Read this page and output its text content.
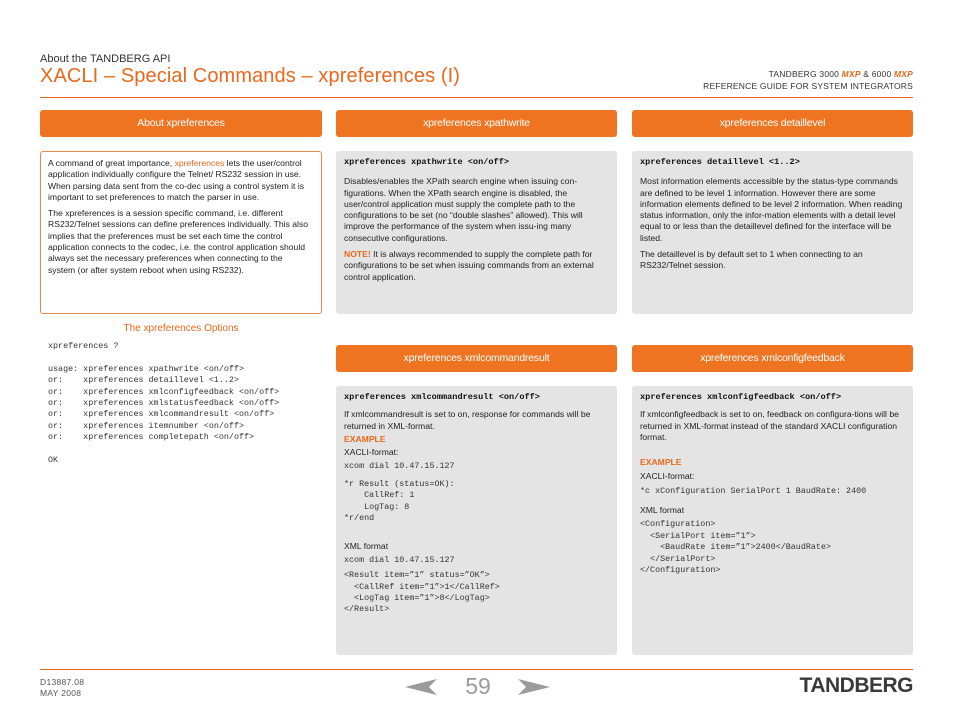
About the TANDBERG API
XACLI – Special Commands – xpreferences (I)	TANDBERG 3000 MXP & 6000 MXP
REFERENCE GUIDE FOR SYSTEM INTEGRATORS
About xpreferences	xpreferences xpathwrite	xpreferences detaillevel
xpreferences xmlcommandresult	xpreferences xmlconfigfeedback

A command of great importance, xpreferences lets the user/control application individually configure the Telnet/ RS232 session in use. When parsing data sent from the co-dec using a control system it is important to set preferences to match the parser in use.

The xpreferences is a session specific command, i.e. different RS232/Telnet sessions can define preferences individually. This also implies that the preferences must be set each time the control application connects to the codec, i.e. the control application should always set the necessary preferences when connecting to the system (or after system reboot when using RS232).

The xpreferences Options
xpreferences ?

usage: xpreferences xpathwrite <on/off>
or:    xpreferences detaillevel <1..2>
or:    xpreferences xmlconfigfeedback <on/off>
or:    xpreferences xmlstatusfeedback <on/off>
or:    xpreferences xmlcommandresult <on/off>
or:    xpreferences itemnumber <on/off>
or:    xpreferences completepath <on/off>

OK
xpreferences xpathwrite <on/off>

Disables/enables the XPath search engine when issuing con-figurations. When the XPath search engine is disabled, the user/control application must supply the complete path to the configurations to be set (no “double slashes” allowed). This will improve the performance of the system when issu-ing many consecutive configurations.

NOTE! It is always recommended to supply the complete path for configurations to be set when issuing commands from an external control application.

xpreferences detaillevel <1..2>

Most information elements accessible by the status-type commands are defined to be level 1 information. However there are some information elements defined to be level 2 information. When reading status information, only the infor-mation elements with a detail level equal to or less than the detaillevel defined for the interface will be listed.

The detaillevel is by default set to 1 when connecting to an RS232/Telnet session.

xpreferences xmlcommandresult <on/off>

If xmlcommandresult is set to on, response for commands will be returned in XML-format.

EXAMPLE
XACLI-format:
xcom dial 10.47.15.127
*r Result (status=OK):
CallRef: 1
LogTag: 8
*r/end
XML format
xcom dial 10.47.15.127
<Result item=”1” status=”OK”>
<CallRef item=”1”>1</CallRef>
<LogTag item=”1”>8</LogTag>
</Result>
xpreferences xmlconfigfeedback <on/off>

If xmlconfigfeedback is set to on, feedback on configura-tions will be returned in XML-format instead of the standard XACLI configuration format.

EXAMPLE
XACLI-format:
*c xConfiguration SerialPort 1 BaudRate: 2400
XML format
<Configuration>
<SerialPort item=”1”>
<BaudRate item=”1”>2400</BaudRate>
</SerialPort>
</Configuration>
D13887.08
MAY 2008	59	TANDBERG
